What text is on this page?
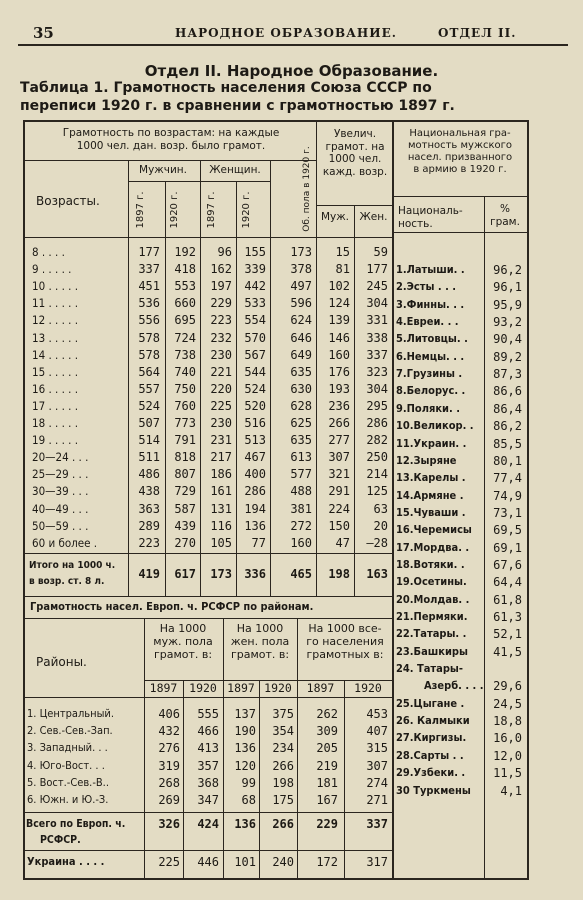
35	НАРОДНОЕ ОБРАЗОВАНИЕ.	ОТДЕЛ II.
Отдел II. Народное Образование.
Таблица 1. Грамотность населения Союза ССCР по
переписи 1920 г. в сравнении с грамотностью 1897 г.
Грамотность по возрастам: на каждые
1000 чел. дан. возр. было грамот.
Возрасты.
Мужчин.	Женщин.
1897 г.	1920 г.	1897 г.	1920 г.	Об. пола в 1920 г.
Увелич.
грамот. на
1000 чел.
кажд. возр.
Муж. Жен.
Национальная гра-
мотность мужского
насел. призванного
в армию в 1920 г.
Националь-
ность.
%
грам.
8 . . . .	177	192	96	155	173	15	59
9 . . . . .	337	418	162	339	378	81	177
10 . . . . .	451	553	197	442	497	102	245
11 . . . . .	536	660	229	533	596	124	304
12 . . . . .	556	695	223	554	624	139	331
13 . . . . .	578	724	232	570	646	146	338
14 . . . . .	578	738	230	567	649	160	337
15 . . . . .	564	740	221	544	635	176	323
16 . . . . .	557	750	220	524	630	193	304
17 . . . . .	524	760	225	520	628	236	295
18 . . . . .	507	773	230	516	625	266	286
19 . . . . .	514	791	231	513	635	277	282
20—24 . . .	511	818	217	467	613	307	250
25—29 . . .	486	807	186	400	577	321	214
30—39 . . .	438	729	161	286	488	291	125
40—49 . . .	363	587	131	194	381	224	63
50—59 . . .	289	439	116	136	272	150	20
60 и более .	223	270	105	77	160	47	—28
1.Латыши. .	96,2
2.Эсты . . .	96,1
3.Финны. . .	95,9
4.Евреи. . .	93,2
5.Литовцы. .	90,4
6.Немцы. . .	89,2
7.Грузины .	87,3
8.Белорус. .	86,6
9.Поляки. .	86,4
10.Великор. .	86,2
11.Украин. .	85,5
12.Зыряне	80,1
13.Карелы .	77,4
14.Армяне .	74,9
15.Чуваши .	73,1
16.Черемисы	69,5
17.Мордва. .	69,1
18.Вотяки. .	67,6
19.Осетины.	64,4
20.Молдав. .	61,8
21.Пермяки.	61,3
22.Татары. .	52,1
23.Башкиры	41,5
24. Татары-
Азерб. . . . 29,6
25.Цыгане .	24,5
26. Калмыки	18,8
27.Киргизы.	16,0
28.Сарты . .	12,0
29.Узбеки. .	11,5
30 Туркмены	4,1
Итого на 1000 ч.
в возр. ст. 8 л.
419	617	173	336	465	198	163
Грамотность насел. Европ. ч. РСФСР по районам.
Районы.
На 1000
муж. пола
грамот. в:
На 1000
жен. пола
грамот. в:
На 1000 все-
го населения
грамотных в:
1897	1920 1897 1920	1897	1920
1. Центральный.	406	555	137	375	262	453
2. Сев.-Сев.-Зап.	432	466	190	354	309	407
3. Западный. . .	276	413	136	234	205	315
4. Юго-Вост. . .	319	357	120	266	219	307
5. Вост.-Сев.-В..	268	368	99	198	181	274
6. Южн. и Ю.-З.	269	347	68	175	167	271
Всего по Европ. ч.
РСФСР.
326	424	136	266	229	337
Украина . . . .	225	446	101	240	172	317
